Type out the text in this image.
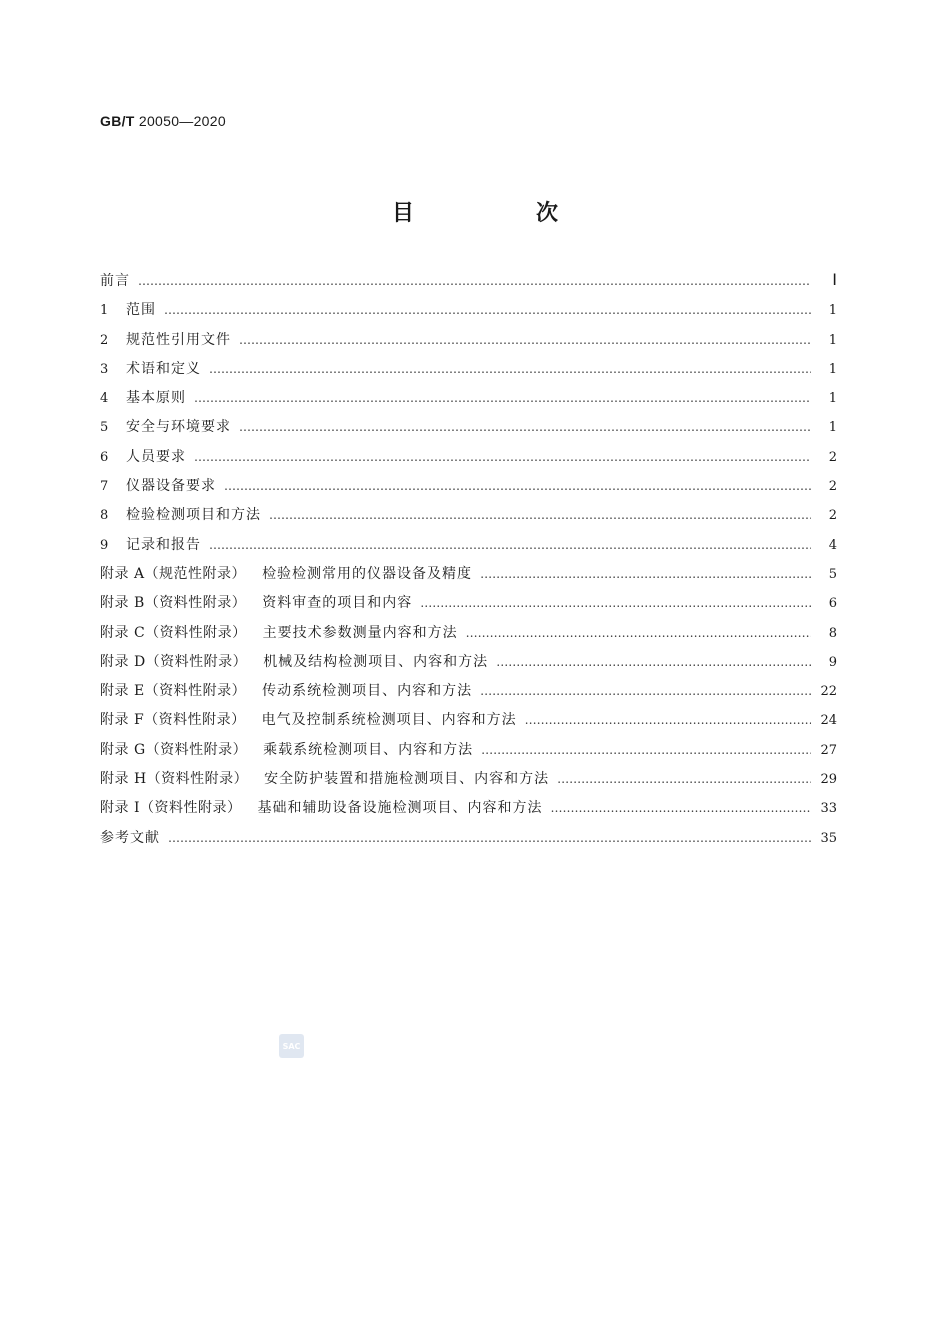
GB/T 20050—2020
目　次
前言 ……………………………………………………………………………………………………………………………………………………………………………………………………………………………………	Ⅰ
1	范围 ……………………………………………………………………………………………………………………………………………………………………………………………………………………………………	1
2	规范性引用文件 ……………………………………………………………………………………………………………………………………………………………………………………………………………………………………	1
3	术语和定义 ……………………………………………………………………………………………………………………………………………………………………………………………………………………………………	1
4	基本原则 ……………………………………………………………………………………………………………………………………………………………………………………………………………………………………	1
5	安全与环境要求 ……………………………………………………………………………………………………………………………………………………………………………………………………………………………………	1
6	人员要求 ……………………………………………………………………………………………………………………………………………………………………………………………………………………………………	2
7	仪器设备要求 ……………………………………………………………………………………………………………………………………………………………………………………………………………………………………	2
8	检验检测项目和方法 ……………………………………………………………………………………………………………………………………………………………………………………………………………………………………	2
9	记录和报告 ……………………………………………………………………………………………………………………………………………………………………………………………………………………………………	4
附录 A（规范性附录） 检验检测常用的仪器设备及精度 ……………………………………………………………………………………………………………………………………………………………………………………………………………………………………	5
附录 B（资料性附录） 资料审查的项目和内容 ……………………………………………………………………………………………………………………………………………………………………………………………………………………………………	6
附录 C（资料性附录） 主要技术参数测量内容和方法 ……………………………………………………………………………………………………………………………………………………………………………………………………………………………………	8
附录 D（资料性附录） 机械及结构检测项目、内容和方法 ……………………………………………………………………………………………………………………………………………………………………………………………………………………………………	9
附录 E（资料性附录） 传动系统检测项目、内容和方法 ……………………………………………………………………………………………………………………………………………………………………………………………………………………………………	22
附录 F（资料性附录） 电气及控制系统检测项目、内容和方法 ……………………………………………………………………………………………………………………………………………………………………………………………………………………………………	24
附录 G（资料性附录） 乘载系统检测项目、内容和方法 ……………………………………………………………………………………………………………………………………………………………………………………………………………………………………	27
附录 H（资料性附录） 安全防护装置和措施检测项目、内容和方法 ……………………………………………………………………………………………………………………………………………………………………………………………………………………………………	29
附录 I（资料性附录） 基础和辅助设备设施检测项目、内容和方法 ……………………………………………………………………………………………………………………………………………………………………………………………………………………………………	33
参考文献 ……………………………………………………………………………………………………………………………………………………………………………………………………………………………………	35
SAC
